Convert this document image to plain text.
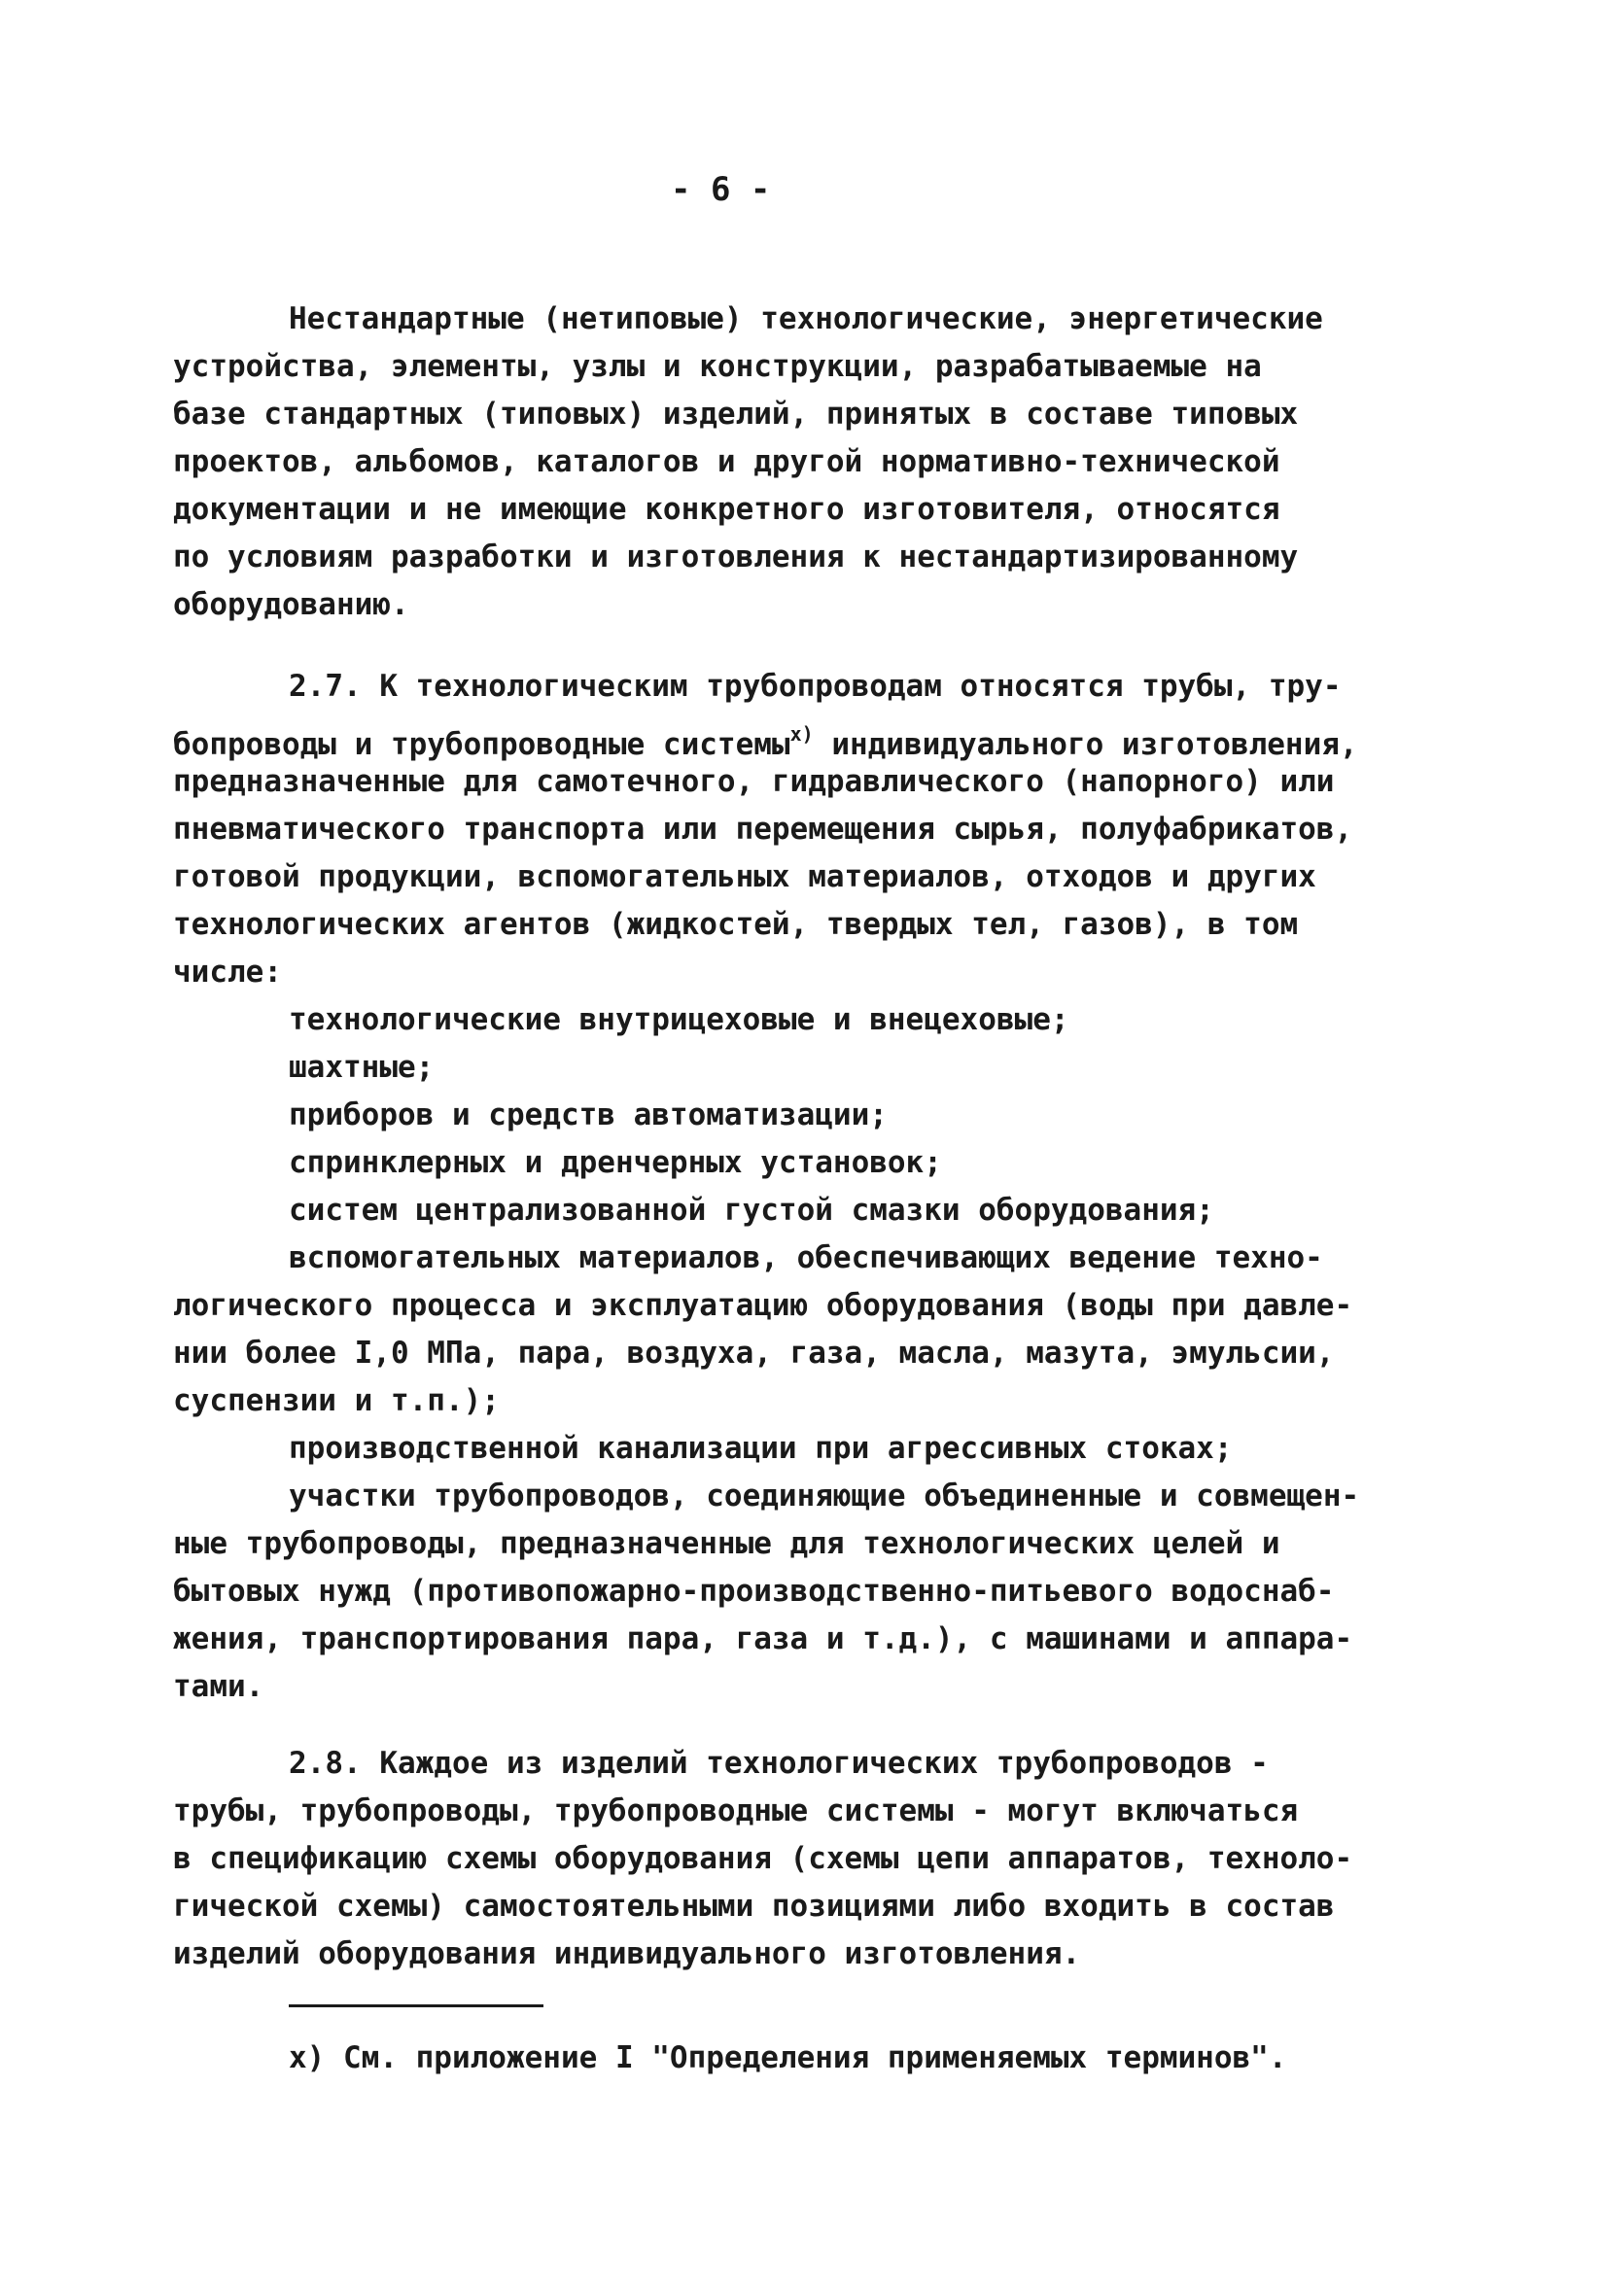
- 6 -
Нестандартные (нетиповые) технологические, энергетические
устройства, элементы, узлы и конструкции, разрабатываемые на
базе стандартных (типовых) изделий, принятых в составе типовых
проектов, альбомов, каталогов и другой нормативно-технической
документации и не имеющие конкретного изготовителя, относятся
по условиям разработки и изготовления к нестандартизированному
оборудованию.
2.7. К технологическим трубопроводам относятся трубы, тру-
бопроводы и трубопроводные системы$^{x)}$ индивидуального изготовления,
предназначенные для самотечного, гидравлического (напорного) или
пневматического транспорта или перемещения сырья, полуфабрикатов,
готовой продукции, вспомогательных материалов, отходов и других
технологических агентов (жидкостей, твердых тел, газов), в том
числе:
технологические внутрицеховые и внецеховые;
шахтные;
приборов и средств автоматизации;
спринклерных и дренчерных установок;
систем централизованной густой смазки оборудования;
вспомогательных материалов, обеспечивающих ведение техно-
логического процесса и эксплуатацию оборудования (воды при давле-
нии более I,0 МПа, пара, воздуха, газа, масла, мазута, эмульсии,
суспензии и т.п.);
производственной канализации при агрессивных стоках;
участки трубопроводов, соединяющие объединенные и совмещен-
ные трубопроводы, предназначенные для технологических целей и
бытовых нужд (противопожарно-производственно-питьевого водоснаб-
жения, транспортирования пара, газа и т.д.), с машинами и аппара-
тами.
2.8. Каждое из изделий технологических трубопроводов -
трубы, трубопроводы, трубопроводные системы - могут включаться
в спецификацию схемы оборудования (схемы цепи аппаратов, техноло-
гической схемы) самостоятельными позициями либо входить в состав
изделий оборудования индивидуального изготовления.
x) См. приложение I "Определения применяемых терминов".
